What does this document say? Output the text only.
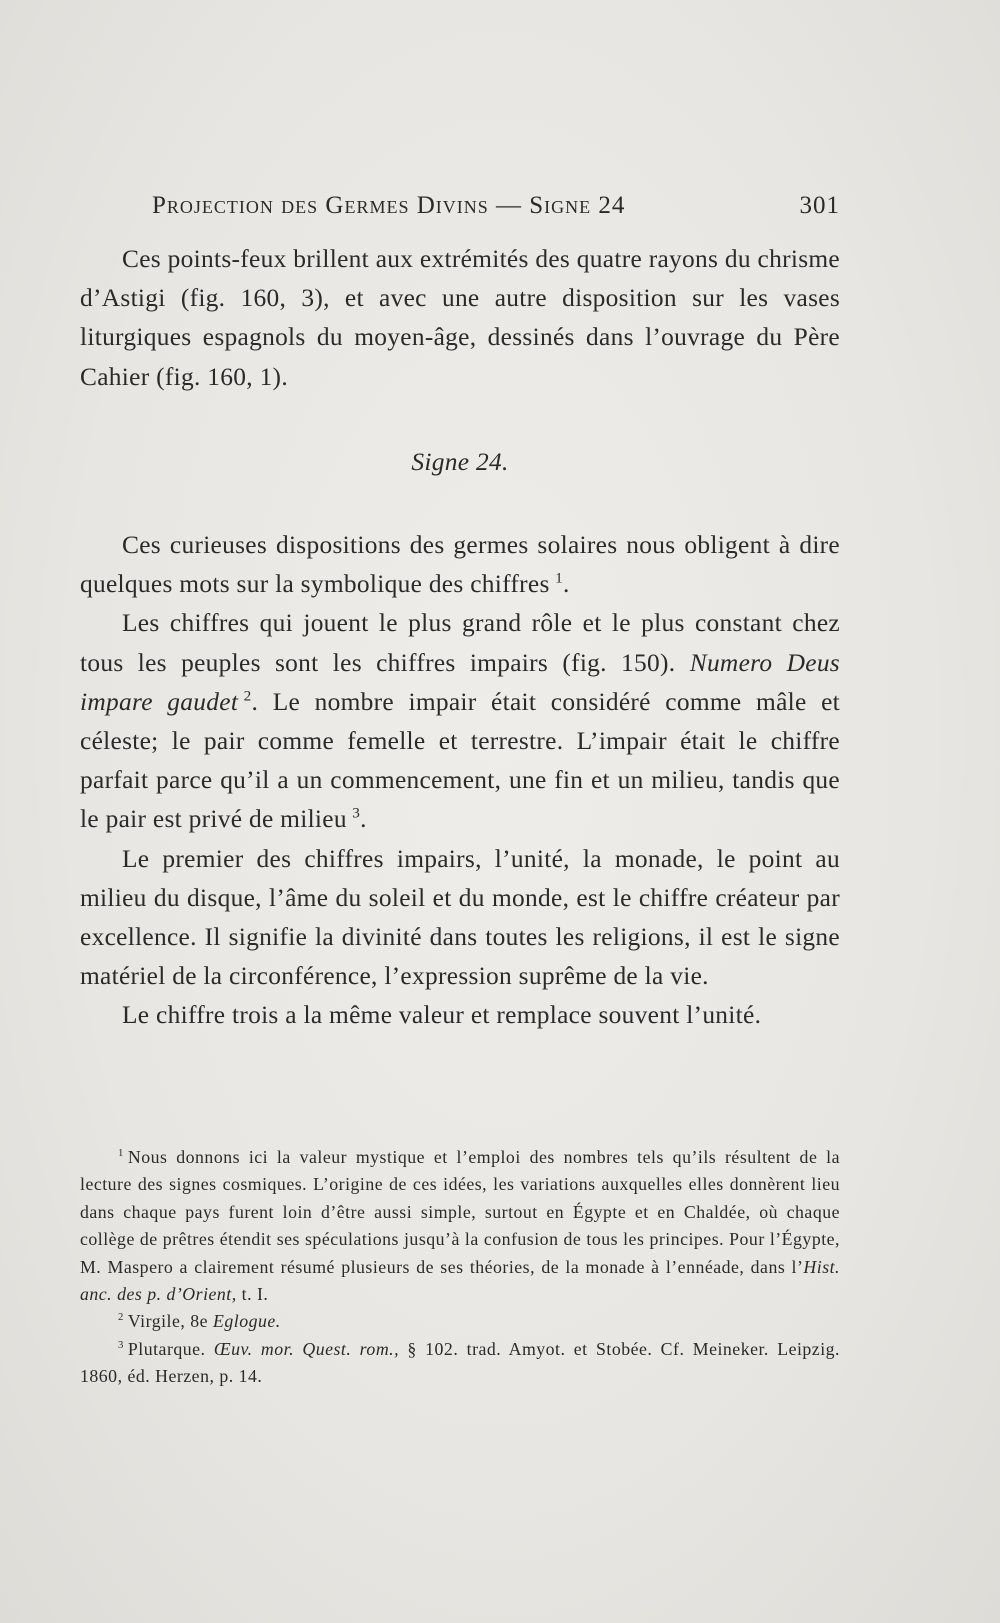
Projection des Germes Divins — Signe 24	301

Ces points-feux brillent aux extrémités des quatre rayons du chrisme d’Astigi (fig. 160, 3), et avec une autre disposition sur les vases liturgiques espagnols du moyen-âge, dessinés dans l’ouvrage du Père Cahier (fig. 160, 1).

Signe 24.

Ces curieuses dispositions des germes solaires nous obligent à dire quelques mots sur la symbolique des chiffres  $^1$.

Les chiffres qui jouent le plus grand rôle et le plus constant chez tous les peuples sont les chiffres impairs (fig. 150). Numero Deus impare gaudet  $^2$. Le nombre impair était considéré comme mâle et céleste; le pair comme femelle et terrestre. L’impair était le chiffre parfait parce qu’il a un commencement, une fin et un milieu, tandis que le pair est privé de milieu  $^3$.

Le premier des chiffres impairs, l’unité, la monade, le point au milieu du disque, l’âme du soleil et du monde, est le chiffre créateur par excellence. Il signifie la divinité dans toutes les religions, il est le signe matériel de la circonférence, l’expression suprême de la vie.

Le chiffre trois a la même valeur et remplace souvent l’unité.

$^1$  Nous donnons ici la valeur mystique et l’emploi des nombres tels qu’ils résultent de la lecture des signes cosmiques. L’origine de ces idées, les variations auxquelles elles donnèrent lieu dans chaque pays furent loin d’être aussi simple, surtout en Égypte et en Chaldée, où chaque collège de prêtres étendit ses spéculations jusqu’à la confusion de tous les principes. Pour l’Égypte, M. Maspero a clairement résumé plusieurs de ses théories, de la monade à l’ennéade, dans l’Hist. anc. des p. d’Orient, t. I.

$^2$  Virgile, 8e Eglogue.

$^3$  Plutarque. Œuv. mor. Quest. rom., § 102. trad. Amyot. et Stobée. Cf. Meineker. Leipzig. 1860, éd. Herzen, p. 14.
